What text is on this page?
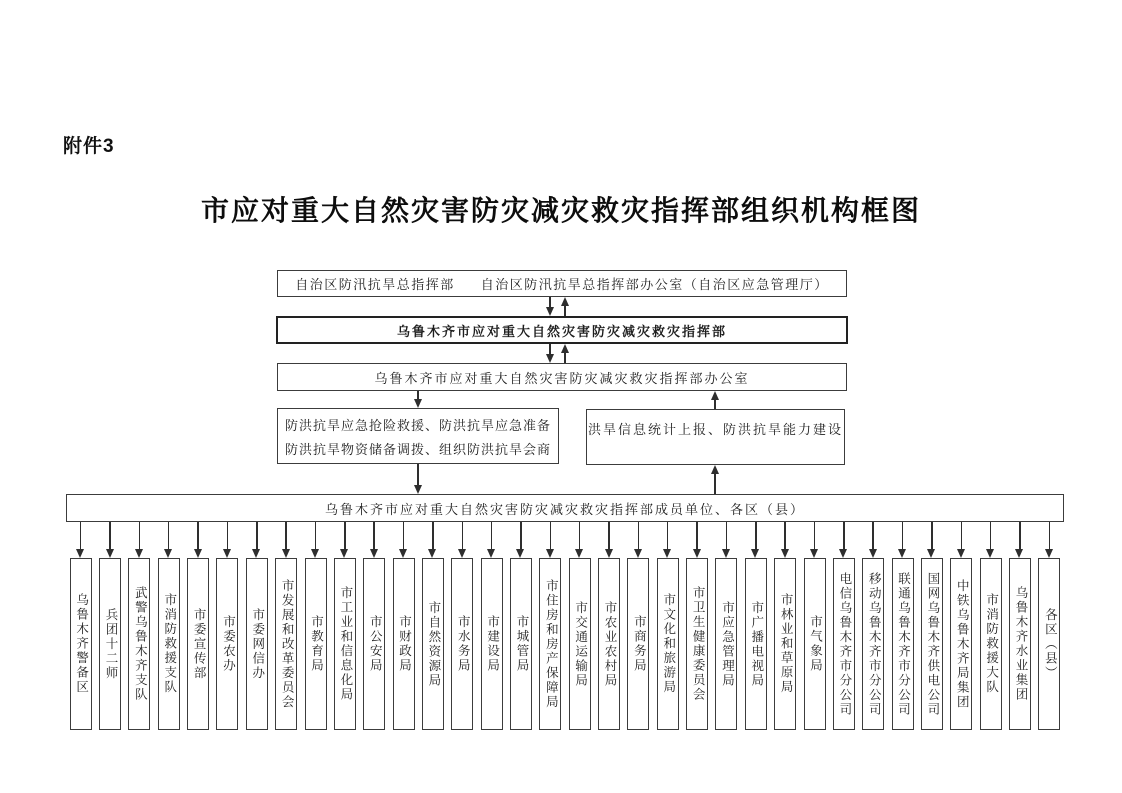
附件3
市应对重大自然灾害防灾减灾救灾指挥部组织机构框图
自治区防汛抗旱总指挥部 自治区防汛抗旱总指挥部办公室（自治区应急管理厅）
乌鲁木齐市应对重大自然灾害防灾减灾救灾指挥部
乌鲁木齐市应对重大自然灾害防灾减灾救灾指挥部办公室
防洪抗旱应急抢险救援、防洪抗旱应急准备
防洪抗旱物资储备调拨、组织防洪抗旱会商
洪旱信息统计上报、防洪抗旱能力建设
乌鲁木齐市应对重大自然灾害防灾减灾救灾指挥部成员单位、各区（县）
乌鲁木齐警备区	兵团十二师	武警乌鲁木齐支队	市消防救援支队	市委宣传部	市委农办	市委网信办	市发展和改革委员会	市教育局	市工业和信息化局	市公安局	市财政局	市自然资源局	市水务局	市建设局	市城管局	市住房和房产保障局	市交通运输局	市农业农村局	市商务局	市文化和旅游局	市卫生健康委员会	市应急管理局	市广播电视局	市林业和草原局	市气象局	电信乌鲁木齐市分公司	移动乌鲁木齐市分公司	联通乌鲁木齐市分公司	国网乌鲁木齐供电公司	中铁乌鲁木齐局集团	市消防救援大队	乌鲁木齐水业集团	各区（县）
